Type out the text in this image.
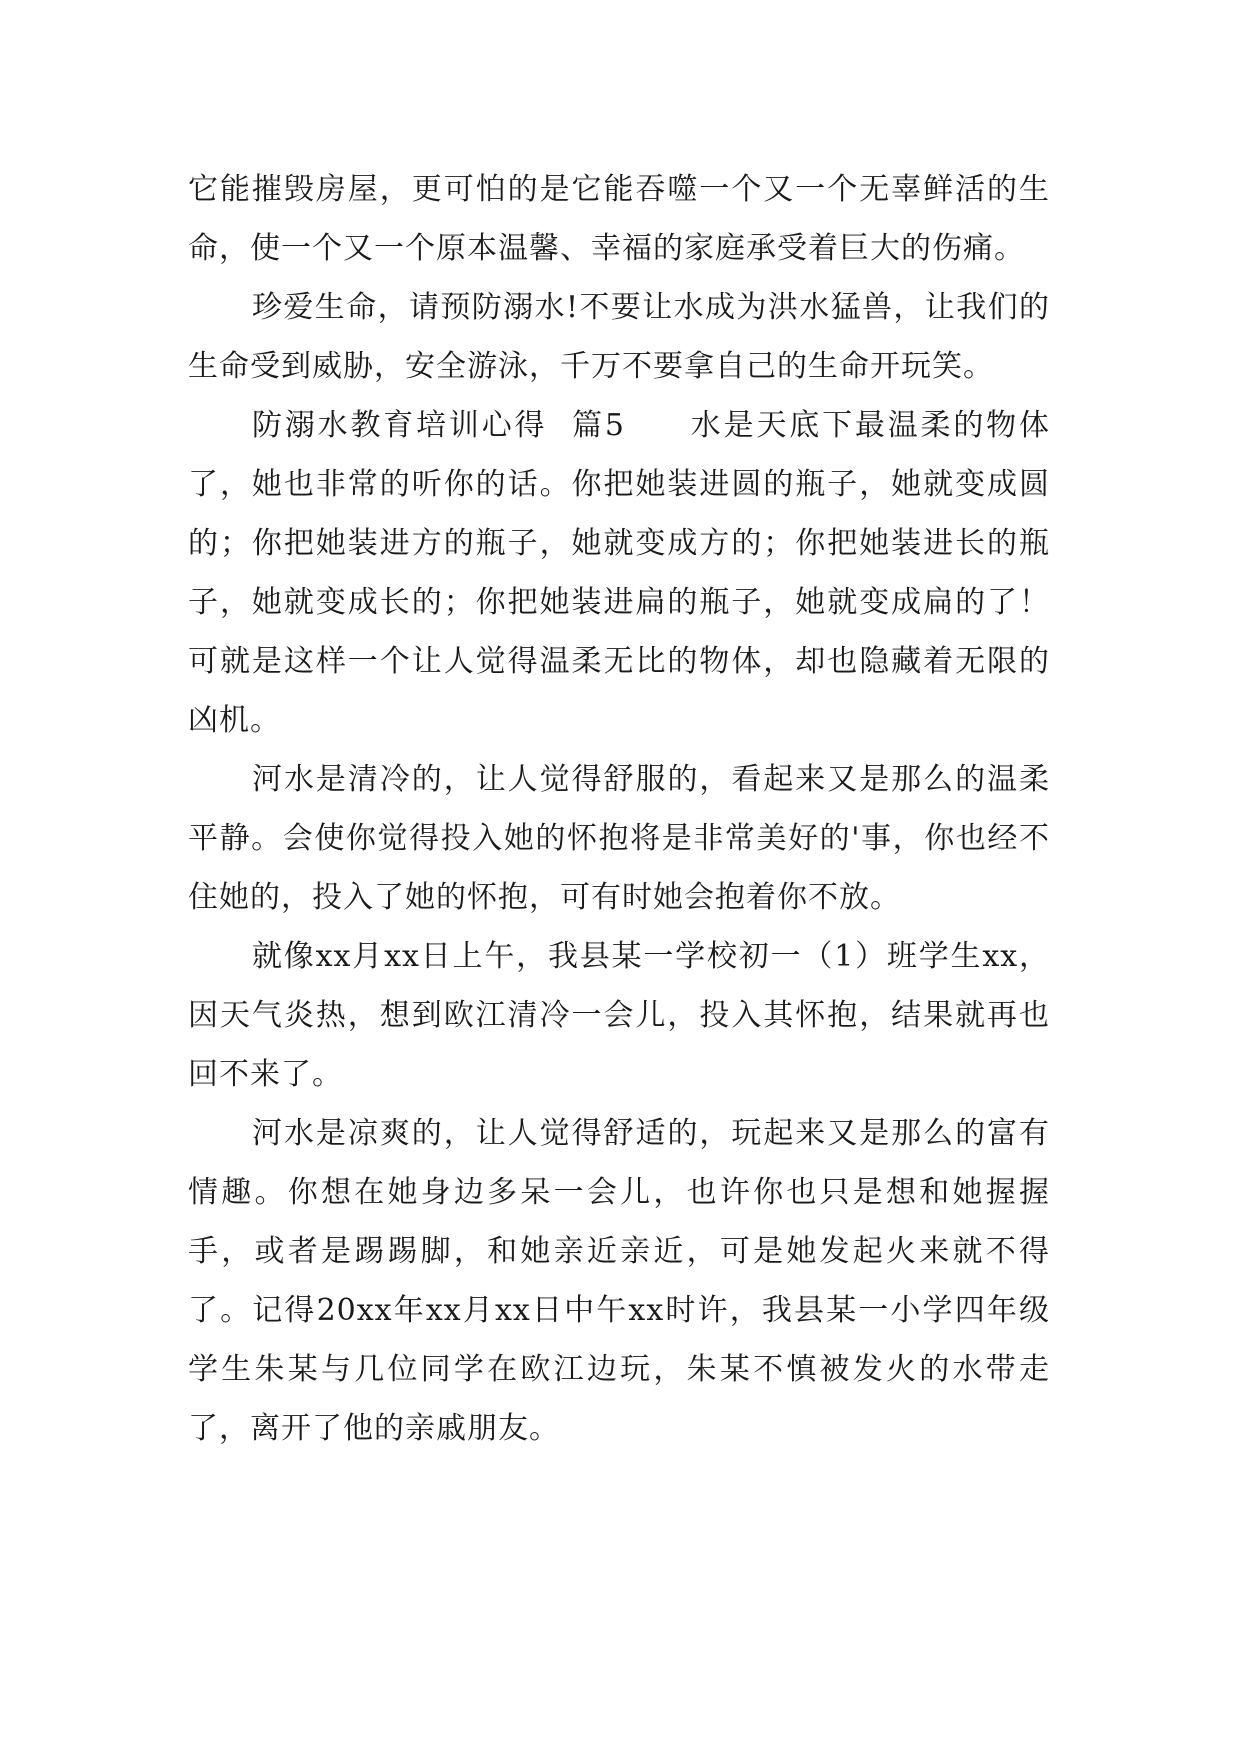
它能摧毁房屋，更可怕的是它能吞噬一个又一个无辜鲜活的生命，使一个又一个原本温馨、幸福的家庭承受着巨大的伤痛。

珍爱生命，请预防溺水!不要让水成为洪水猛兽，让我们的生命受到威胁，安全游泳，千万不要拿自己的生命开玩笑。

防溺水教育培训心得  篇5 水是天底下最温柔的物体了，她也非常的听你的话。你把她装进圆的瓶子，她就变成圆的；你把她装进方的瓶子，她就变成方的；你把她装进长的瓶子，她就变成长的；你把她装进扁的瓶子，她就变成扁的了！可就是这样一个让人觉得温柔无比的物体，却也隐藏着无限的凶机。

河水是清冷的，让人觉得舒服的，看起来又是那么的温柔平静。会使你觉得投入她的怀抱将是非常美好的'事，你也经不住她的，投入了她的怀抱，可有时她会抱着你不放。

就像xx月xx日上午，我县某一学校初一（1）班学生xx，因天气炎热，想到欧江清冷一会儿，投入其怀抱，结果就再也回不来了。

河水是凉爽的，让人觉得舒适的，玩起来又是那么的富有情趣。你想在她身边多呆一会儿，也许你也只是想和她握握手，或者是踢踢脚，和她亲近亲近，可是她发起火来就不得了。记得20xx年xx月xx日中午xx时许，我县某一小学四年级学生朱某与几位同学在欧江边玩，朱某不慎被发火的水带走了，离开了他的亲戚朋友。
